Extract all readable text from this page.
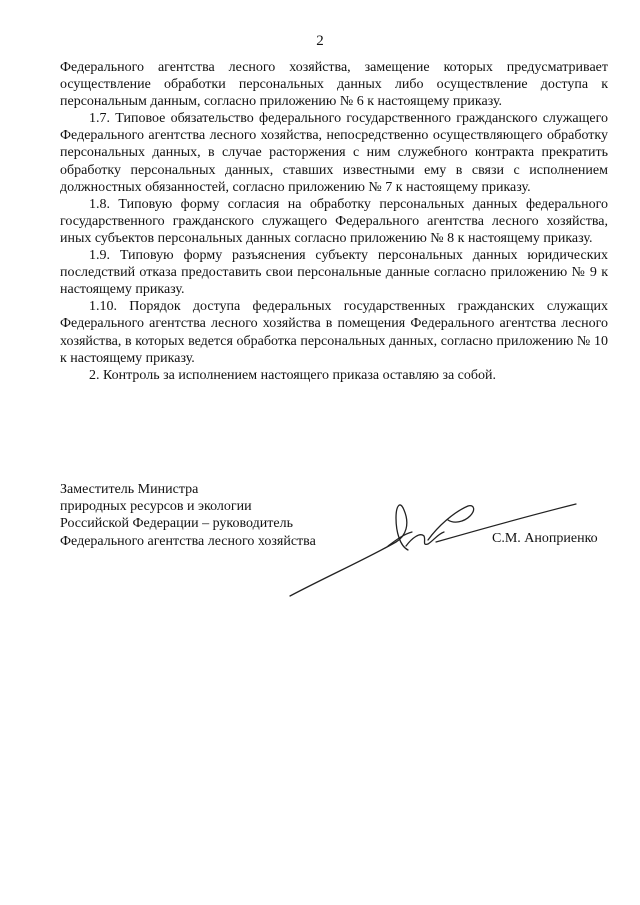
2

Федерального агентства лесного хозяйства, замещение которых предусматривает осуществление обработки персональных данных либо осуществление доступа к персональным данным, согласно приложению № 6 к настоящему приказу.

1.7. Типовое обязательство федерального государственного гражданского служащего Федерального агентства лесного хозяйства, непосредственно осуществляющего обработку персональных данных, в случае расторжения с ним служебного контракта прекратить обработку персональных данных, ставших известными ему в связи с исполнением должностных обязанностей, согласно приложению № 7 к настоящему приказу.

1.8. Типовую форму согласия на обработку персональных данных федерального государственного гражданского служащего Федерального агентства лесного хозяйства, иных субъектов персональных данных согласно приложению № 8 к настоящему приказу.

1.9. Типовую форму разъяснения субъекту персональных данных юридических последствий отказа предоставить свои персональные данные согласно приложению № 9 к настоящему приказу.

1.10. Порядок доступа федеральных государственных гражданских служащих Федерального агентства лесного хозяйства в помещения Федерального агентства лесного хозяйства, в которых ведется обработка персональных данных, согласно приложению № 10 к настоящему приказу.

2. Контроль за исполнением настоящего приказа оставляю за собой.

Заместитель Министра
природных ресурсов и экологии
Российской Федерации – руководитель
Федерального агентства лесного хозяйства	С.М. Аноприенко
